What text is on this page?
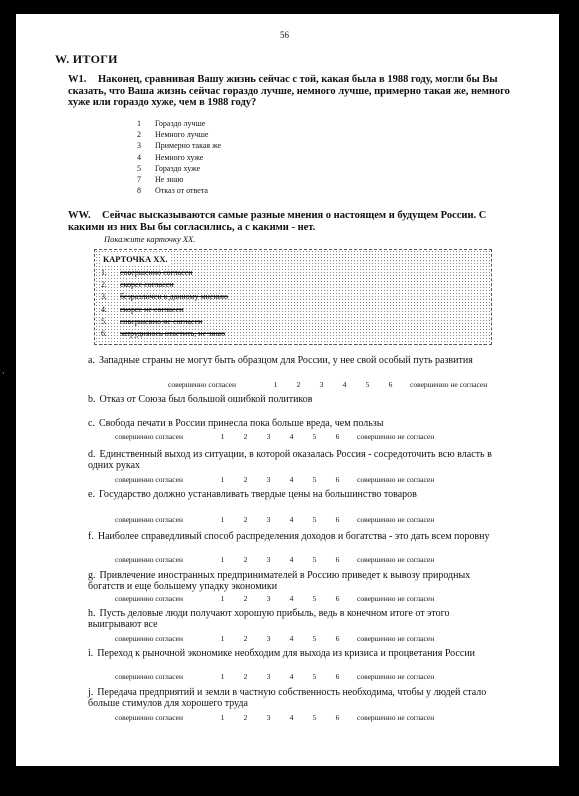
56
W. ИТОГИ
W1. Наконец, сравнивая Вашу жизнь сейчас с той, какая была в 1988 году, могли бы Вы сказать, что Ваша жизнь сейчас гораздо лучше, немного лучше, примерно такая же, немного хуже или гораздо хуже, чем в 1988 году?
1 Гораздо лучше
2 Немного лучше
3 Примерно такая же
4 Немного хуже
5 Гораздо хуже
7 Не знаю
8 Отказ от ответа
WW. Сейчас высказываются самые разные мнения о настоящем и будущем России. С какими из них Вы бы согласились, а с какими - нет.
Покажите карточку ХХ.
КАРТОЧКА ХХ.
1. совершенно согласен
2. скорее согласен
3. безразличен к данному мнению
4. скорее не согласен
5. совершенно не согласен
6. затрудняюсь ответить, не знаю
a. Западные страны не могут быть образцом для России, у нее свой особый путь развития
совершенно согласен	1	2	3	4	5	6 совершенно не согласен
b. Отказ от Союза был большой ошибкой политиков
c. Свобода печати в России принесла пока больше вреда, чем пользы
совершенно согласен	1	2	3	4	5	6 совершенно не согласен
d. Единственный выход из ситуации, в которой оказалась Россия - сосредоточить всю власть в одних руках
совершенно согласен	1	2	3	4	5	6 совершенно не согласен
e. Государство должно устанавливать твердые цены на большинство товаров
совершенно согласен	1	2	3	4	5	6 совершенно не согласен
f. Наиболее справедливый способ распределения доходов и богатства - это дать всем поровну
совершенно согласен	1	2	3	4	5	6 совершенно не согласен
g. Привлечение иностранных предпринимателей в Россию приведет к вывозу природных богатств и еще большему упадку экономики
совершенно согласен	1	2	3	4	5	6 совершенно не согласен
h. Пусть деловые люди получают хорошую прибыль, ведь в конечном итоге от этого выигрывают все
совершенно согласен	1	2	3	4	5	6 совершенно не согласен
i. Переход к рыночной экономике необходим для выхода из кризиса и процветания России
совершенно согласен	1	2	3	4	5	6 совершенно не согласен
j. Передача предприятий и земли в частную собственность необходима, чтобы у людей стало больше стимулов для хорошего труда
совершенно согласен	1	2	3	4	5	6 совершенно не согласен
·
